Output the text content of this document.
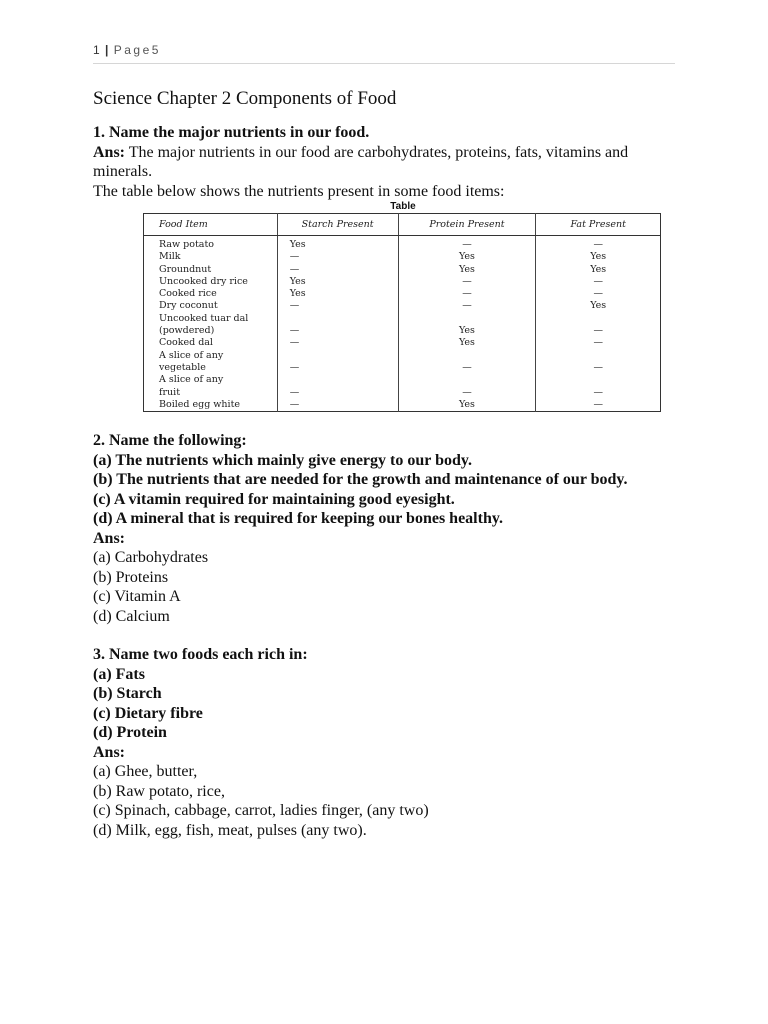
1 | Page5
Science Chapter 2 Components of Food

1. Name the major nutrients in our food.

Ans: The major nutrients in our food are carbohydrates, proteins, fats, vitamins and minerals.

The table below shows the nutrients present in some food items:

Table
Food Item	Starch Present	Protein Present	Fat Present
Raw potato	Yes	—	—
Milk	—	Yes	Yes
Groundnut	—	Yes	Yes
Uncooked dry rice	Yes	—	—
Cooked rice	Yes	—	—
Dry coconut	—	—	Yes
Uncooked tuar dal			
(powdered)	—	Yes	—
Cooked dal	—	Yes	—
A slice of any			
vegetable	—	—	—
A slice of any			
fruit	—	—	—
Boiled egg white	—	Yes	—

2. Name the following:

(a) The nutrients which mainly give energy to our body.

(b) The nutrients that are needed for the growth and maintenance of our body.

(c) A vitamin required for maintaining good eyesight.

(d) A mineral that is required for keeping our bones healthy.

Ans:

(a) Carbohydrates

(b) Proteins

(c) Vitamin A

(d) Calcium

3. Name two foods each rich in:

(a) Fats

(b) Starch

(c) Dietary fibre

(d) Protein

Ans:

(a) Ghee, butter,

(b) Raw potato, rice,

(c) Spinach, cabbage, carrot, ladies finger, (any two)

(d) Milk, egg, fish, meat, pulses (any two).
